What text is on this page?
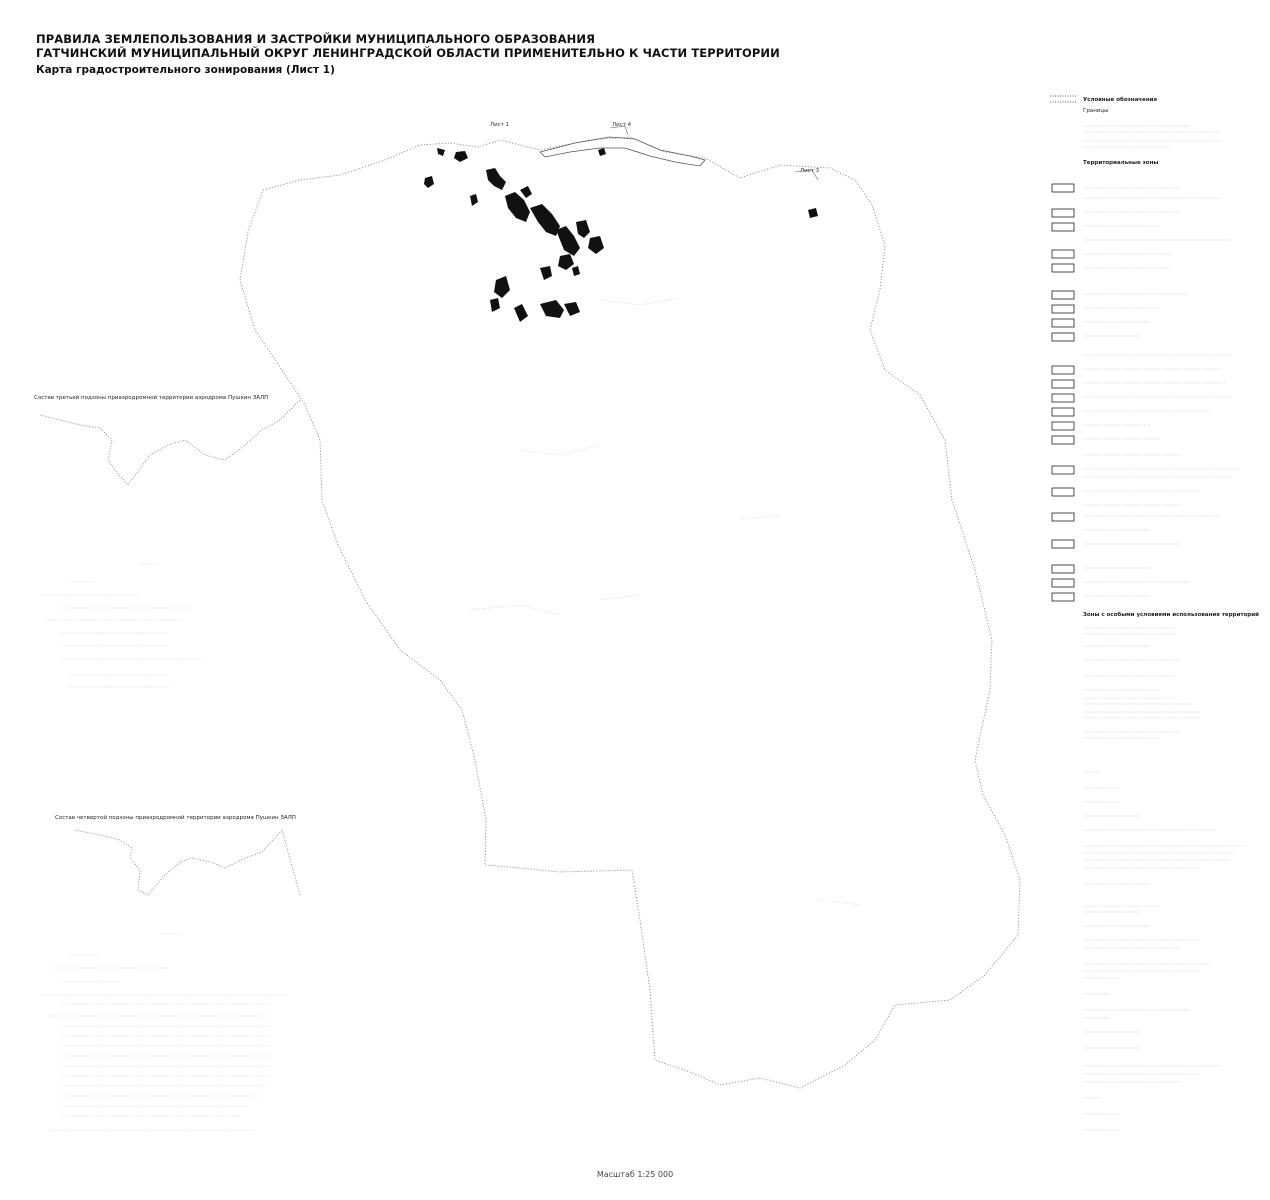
ПРАВИЛА ЗЕМЛЕПОЛЬЗОВАНИЯ И ЗАСТРОЙКИ МУНИЦИПАЛЬНОГО ОБРАЗОВАНИЯ
ГАТЧИНСКИЙ МУНИЦИПАЛЬНЫЙ ОКРУГ ЛЕНИНГРАДСКОЙ ОБЛАСТИ ПРИМЕНИТЕЛЬНО К ЧАСТИ ТЕРРИТОРИИ
Карта градостроительного зонирования (Лист 1)
Лист 1	Лист 4
Лист 3
Условные обозначения
Границы
Территориальные зоны
Зоны с особыми условиями использования территорий
Состав третьей подзоны приаэродромной территории аэродрома Пушкин ЗАЛП
Состав четвертой подзоны приаэродромной территории аэродрома Пушкин ЗАЛП
Масштаб 1:25 000
